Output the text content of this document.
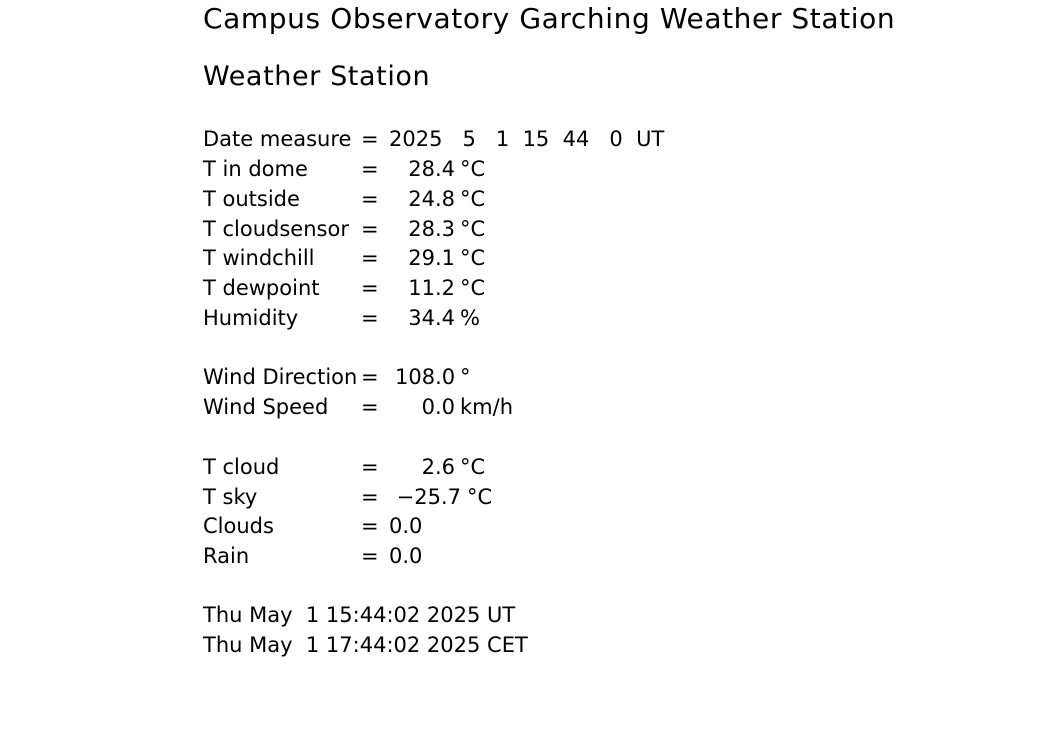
Campus Observatory Garching Weather Station
Weather Station
Date measure = 2025   5   1  15  44   0  UT
T in dome	=	28.4 °C
T outside	=	24.8 °C
T cloudsensor =	28.3 °C
T windchill	=	29.1 °C
T dewpoint	=	11.2 °C
Humidity	=	34.4 %
Wind Direction = 108.0 °
Wind Speed	=	0.0 km/h
T cloud	=	2.6 °C
T sky	= −25.7 °C
Clouds	= 0.0
Rain	= 0.0
Thu May  1 15:44:02 2025 UT
Thu May  1 17:44:02 2025 CET
